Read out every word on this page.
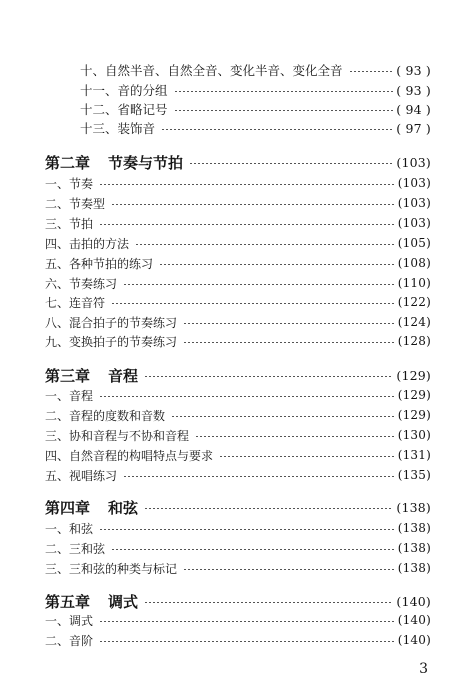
十、自然半音、自然全音、变化半音、变化全音	( 93 )
十一、音的分组	( 93 )
十二、省略记号	( 94 )
十三、装饰音	( 97 )
第二章 节奏与节拍	(103)
一、节奏	(103)
二、节奏型	(103)
三、节拍	(103)
四、击拍的方法	(105)
五、各种节拍的练习	(108)
六、节奏练习	(110)
七、连音符	(122)
八、混合拍子的节奏练习	(124)
九、变换拍子的节奏练习	(128)
第三章 音程	(129)
一、音程	(129)
二、音程的度数和音数	(129)
三、协和音程与不协和音程	(130)
四、自然音程的构唱特点与要求	(131)
五、视唱练习	(135)
第四章 和弦	(138)
一、和弦	(138)
二、三和弦	(138)
三、三和弦的种类与标记	(138)
第五章 调式	(140)
一、调式	(140)
二、音阶	(140)
3
